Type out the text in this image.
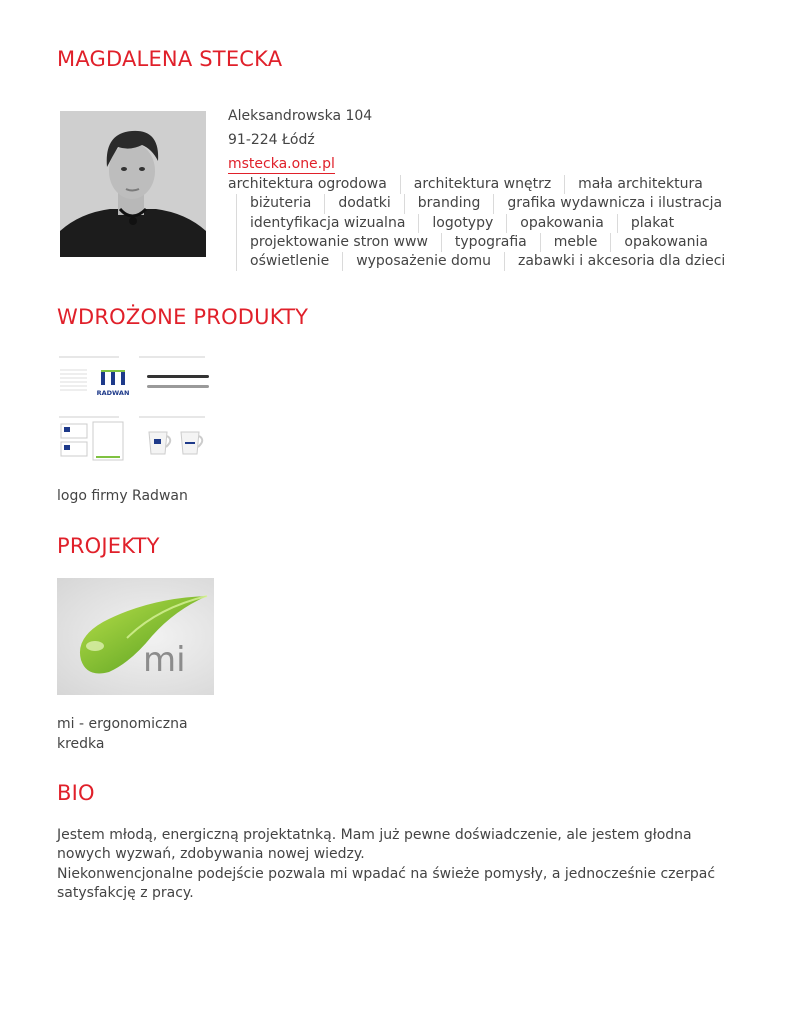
MAGDALENA STECKA
Aleksandrowska 104
91-224 Łódź
mstecka.one.pl
architektura ogrodowa architektura wnętrz mała architektura
biżuteria dodatki branding grafika wydawnicza i ilustracja
identyfikacja wizualna logotypy opakowania plakat
projektowanie stron www typografia meble opakowania
oświetlenie wyposażenie domu zabawki i akcesoria dla dzieci
WDROŻONE PRODUKTY
RADWAN
logo firmy Radwan
PROJEKTY
mi
mi - ergonomiczna
kredka
BIO
Jestem młodą, energiczną projektatnką. Mam już pewne doświadczenie, ale jestem głodna
nowych wyzwań, zdobywania nowej wiedzy.
Niekonwencjonalne podejście pozwala mi wpadać na świeże pomysły, a jednocześnie czerpać
satysfakcję z pracy.
